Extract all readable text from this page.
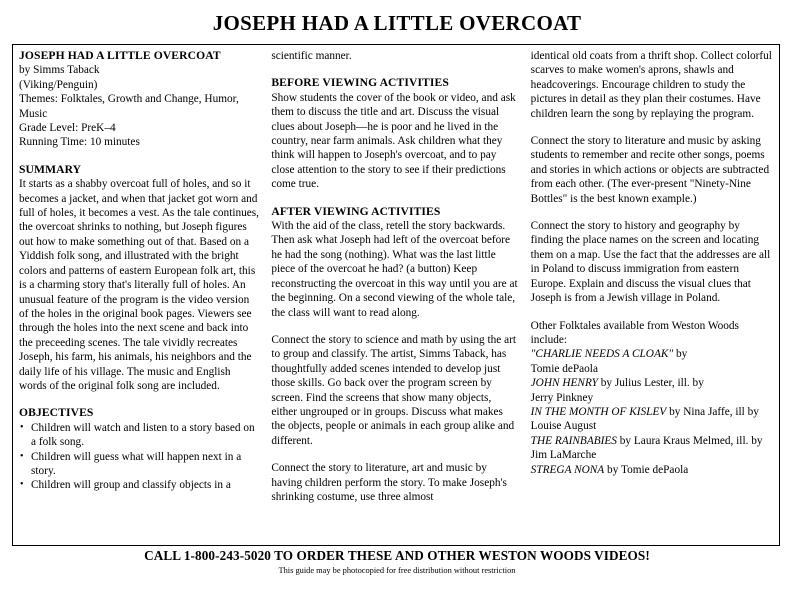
JOSEPH HAD A LITTLE OVERCOAT
JOSEPH HAD A LITTLE OVERCOAT
by Simms Taback
(Viking/Penguin)
Themes: Folktales, Growth and Change, Humor, Music
Grade Level: PreK–4
Running Time: 10 minutes
SUMMARY

It starts as a shabby overcoat full of holes, and so it becomes a jacket, and when that jacket got worn and full of holes, it becomes a vest. As the tale continues, the overcoat shrinks to nothing, but Joseph figures out how to make something out of that. Based on a Yiddish folk song, and illustrated with the bright colors and patterns of eastern European folk art, this is a charming story that's literally full of holes. An unusual feature of the program is the video version of the holes in the original book pages. Viewers see through the holes into the next scene and back into the preceeding scenes. The tale vividly recreates Joseph, his farm, his animals, his neighbors and the daily life of his village. The music and English words of the original folk song are included.

OBJECTIVES
• Children will watch and listen to a story based on a folk song.
• Children will guess what will happen next in a story.
• Children will group and classify objects in a

scientific manner.

BEFORE VIEWING ACTIVITIES

Show students the cover of the book or video, and ask them to discuss the title and art. Discuss the visual clues about Joseph—he is poor and he lived in the country, near farm animals. Ask children what they think will happen to Joseph's overcoat, and to pay close attention to the story to see if their predictions come true.

AFTER VIEWING ACTIVITIES

With the aid of the class, retell the story backwards. Then ask what Joseph had left of the overcoat before he had the song (nothing). What was the last little piece of the overcoat he had? (a button) Keep reconstructing the overcoat in this way until you are at the beginning. On a second viewing of the whole tale, the class will want to read along.

Connect the story to science and math by using the art to group and classify. The artist, Simms Taback, has thoughtfully added scenes intended to develop just those skills. Go back over the program screen by screen. Find the screens that show many objects, either ungrouped or in groups. Discuss what makes the objects, people or animals in each group alike and different.

Connect the story to literature, art and music by having children perform the story. To make Joseph's shrinking costume, use three almost

identical old coats from a thrift shop. Collect colorful scarves to make women's aprons, shawls and headcoverings. Encourage children to study the pictures in detail as they plan their costumes. Have children learn the song by replaying the program.

Connect the story to literature and music by asking students to remember and recite other songs, poems and stories in which actions or objects are subtracted from each other. (The ever-present "Ninety-Nine Bottles" is the best known example.)

Connect the story to history and geography by finding the place names on the screen and locating them on a map. Use the fact that the addresses are all in Poland to discuss immigration from eastern Europe. Explain and discuss the visual clues that Joseph is from a Jewish village in Poland.

Other Folktales available from Weston Woods
include:
"CHARLIE NEEDS A CLOAK" by
Tomie dePaola
JOHN HENRY by Julius Lester, ill. by
Jerry Pinkney
IN THE MONTH OF KISLEV by Nina Jaffe, ill by
Louise August
THE RAINBABIES by Laura Kraus Melmed, ill. by
Jim LaMarche
STREGA NONA by Tomie dePaola
CALL 1-800-243-5020 TO ORDER THESE AND OTHER WESTON WOODS VIDEOS!
This guide may be photocopied for free distribution without restriction
